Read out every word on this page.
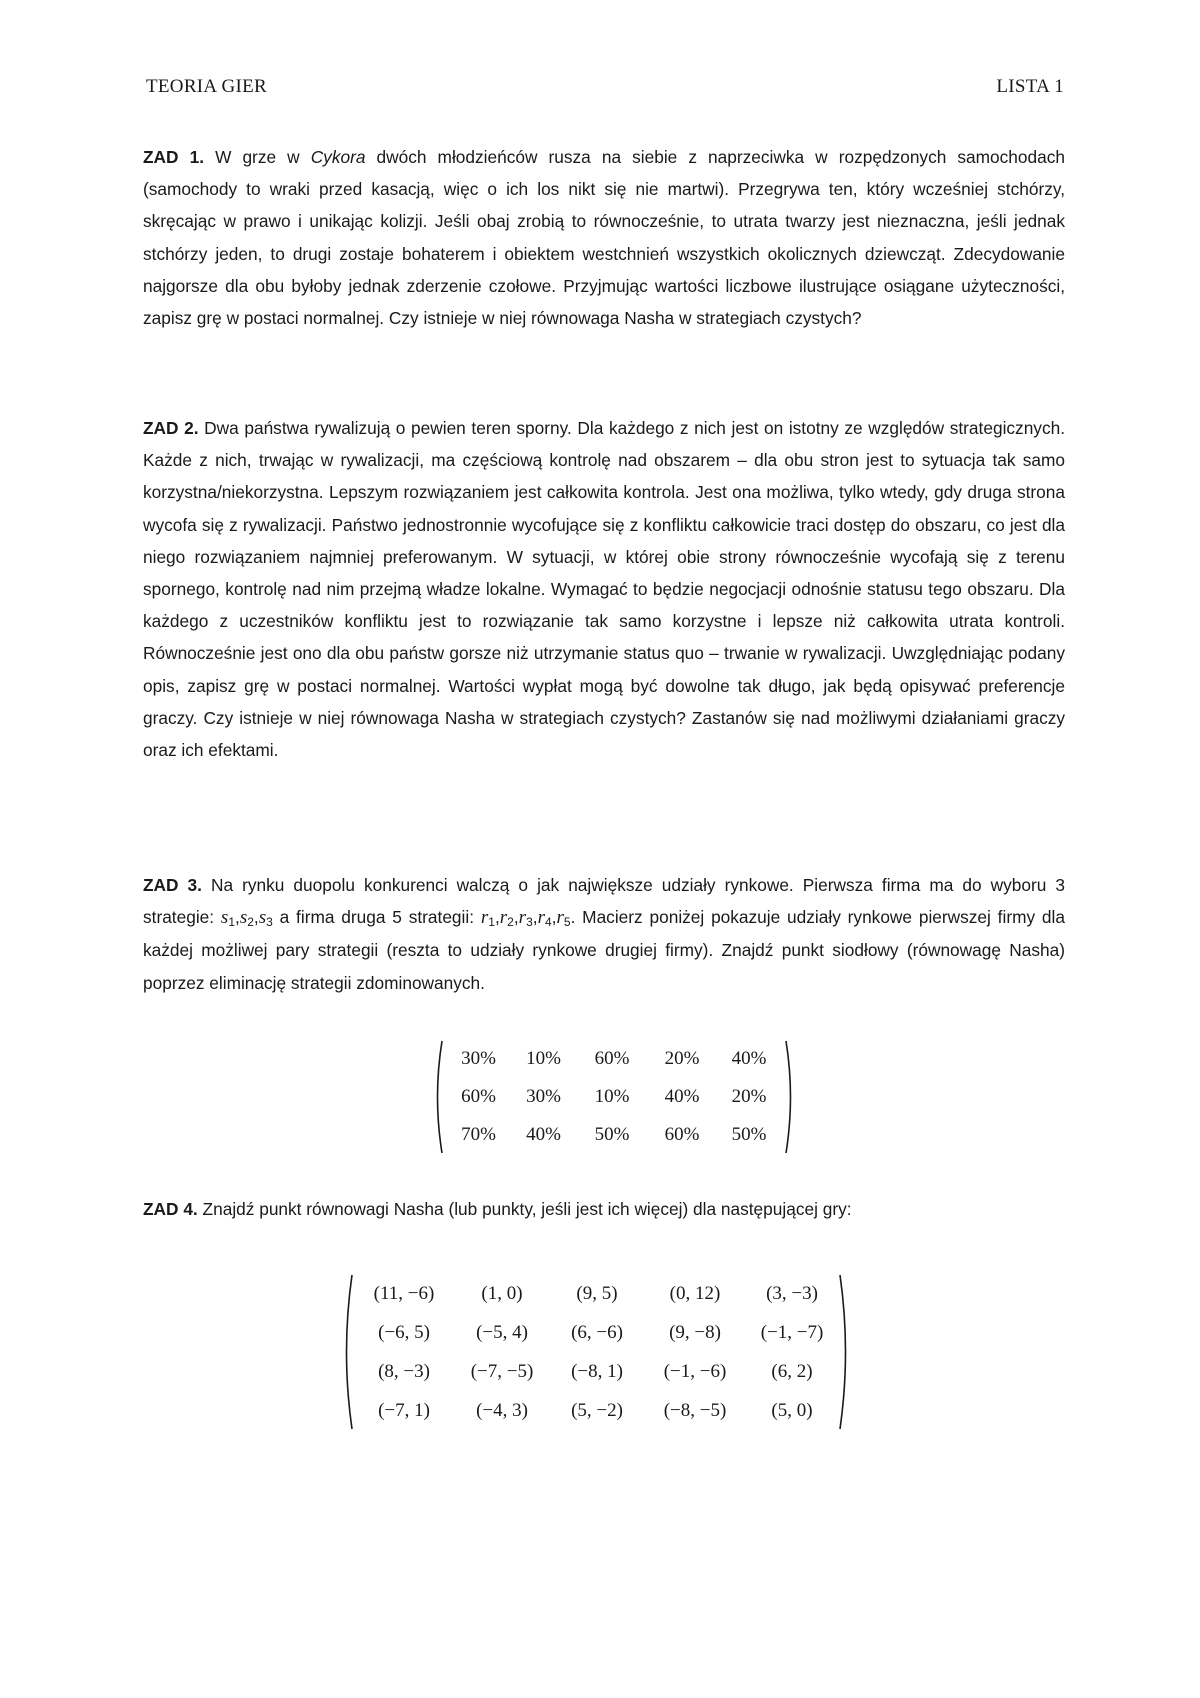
TEORIA GIER	LISTA 1

ZAD 1. W grze w Cykora dwóch młodzieńców rusza na siebie z naprzeciwka w rozpędzonych samochodach (samochody to wraki przed kasacją, więc o ich los nikt się nie martwi). Przegrywa ten, który wcześniej stchórzy, skręcając w prawo i unikając kolizji. Jeśli obaj zrobią to równocześnie, to utrata twarzy jest nieznaczna, jeśli jednak stchórzy jeden, to drugi zostaje bohaterem i obiektem westchnień wszystkich okolicznych dziewcząt. Zdecydowanie najgorsze dla obu byłoby jednak zderzenie czołowe. Przyjmując wartości liczbowe ilustrujące osiągane użyteczności, zapisz grę w postaci normalnej. Czy istnieje w niej równowaga Nasha w strategiach czystych?

ZAD 2. Dwa państwa rywalizują o pewien teren sporny. Dla każdego z nich jest on istotny ze względów strategicznych. Każde z nich, trwając w rywalizacji, ma częściową kontrolę nad obszarem – dla obu stron jest to sytuacja tak samo korzystna/niekorzystna. Lepszym rozwiązaniem jest całkowita kontrola. Jest ona możliwa, tylko wtedy, gdy druga strona wycofa się z rywalizacji. Państwo jednostronnie wycofujące się z konfliktu całkowicie traci dostęp do obszaru, co jest dla niego rozwiązaniem najmniej preferowanym. W sytuacji, w której obie strony równocześnie wycofają się z terenu spornego, kontrolę nad nim przejmą władze lokalne. Wymagać to będzie negocjacji odnośnie statusu tego obszaru. Dla każdego z uczestników konfliktu jest to rozwiązanie tak samo korzystne i lepsze niż całkowita utrata kontroli. Równocześnie jest ono dla obu państw gorsze niż utrzymanie status quo – trwanie w rywalizacji. Uwzględniając podany opis, zapisz grę w postaci normalnej. Wartości wypłat mogą być dowolne tak długo, jak będą opisywać preferencje graczy. Czy istnieje w niej równowaga Nasha w strategiach czystych? Zastanów się nad możliwymi działaniami graczy oraz ich efektami.

ZAD 3. Na rynku duopolu konkurenci walczą o jak największe udziały rynkowe. Pierwsza firma ma do wyboru 3 strategie: $s_1,s_2,s_3$ a firma druga 5 strategii: $r_1,r_2,r_3,r_4,r_5$. Macierz poniżej pokazuje udziały rynkowe pierwszej firmy dla każdej możliwej pary strategii (reszta to udziały rynkowe drugiej firmy). Znajdź punkt siodłowy (równowagę Nasha) poprzez eliminację strategii zdominowanych.

30%	10%	60%	20%	40%
60%	30%	10%	40%	20%
70%	40%	50%	60%	50%

ZAD 4. Znajdź punkt równowagi Nasha (lub punkty, jeśli jest ich więcej) dla następującej gry:

(11, −6)	(1, 0)	(9, 5)	(0, 12)	(3, −3)
(−6, 5)	(−5, 4)	(6, −6)	(9, −8)	(−1, −7)
(8, −3)	(−7, −5)	(−8, 1)	(−1, −6)	(6, 2)
(−7, 1)	(−4, 3)	(5, −2)	(−8, −5)	(5, 0)
